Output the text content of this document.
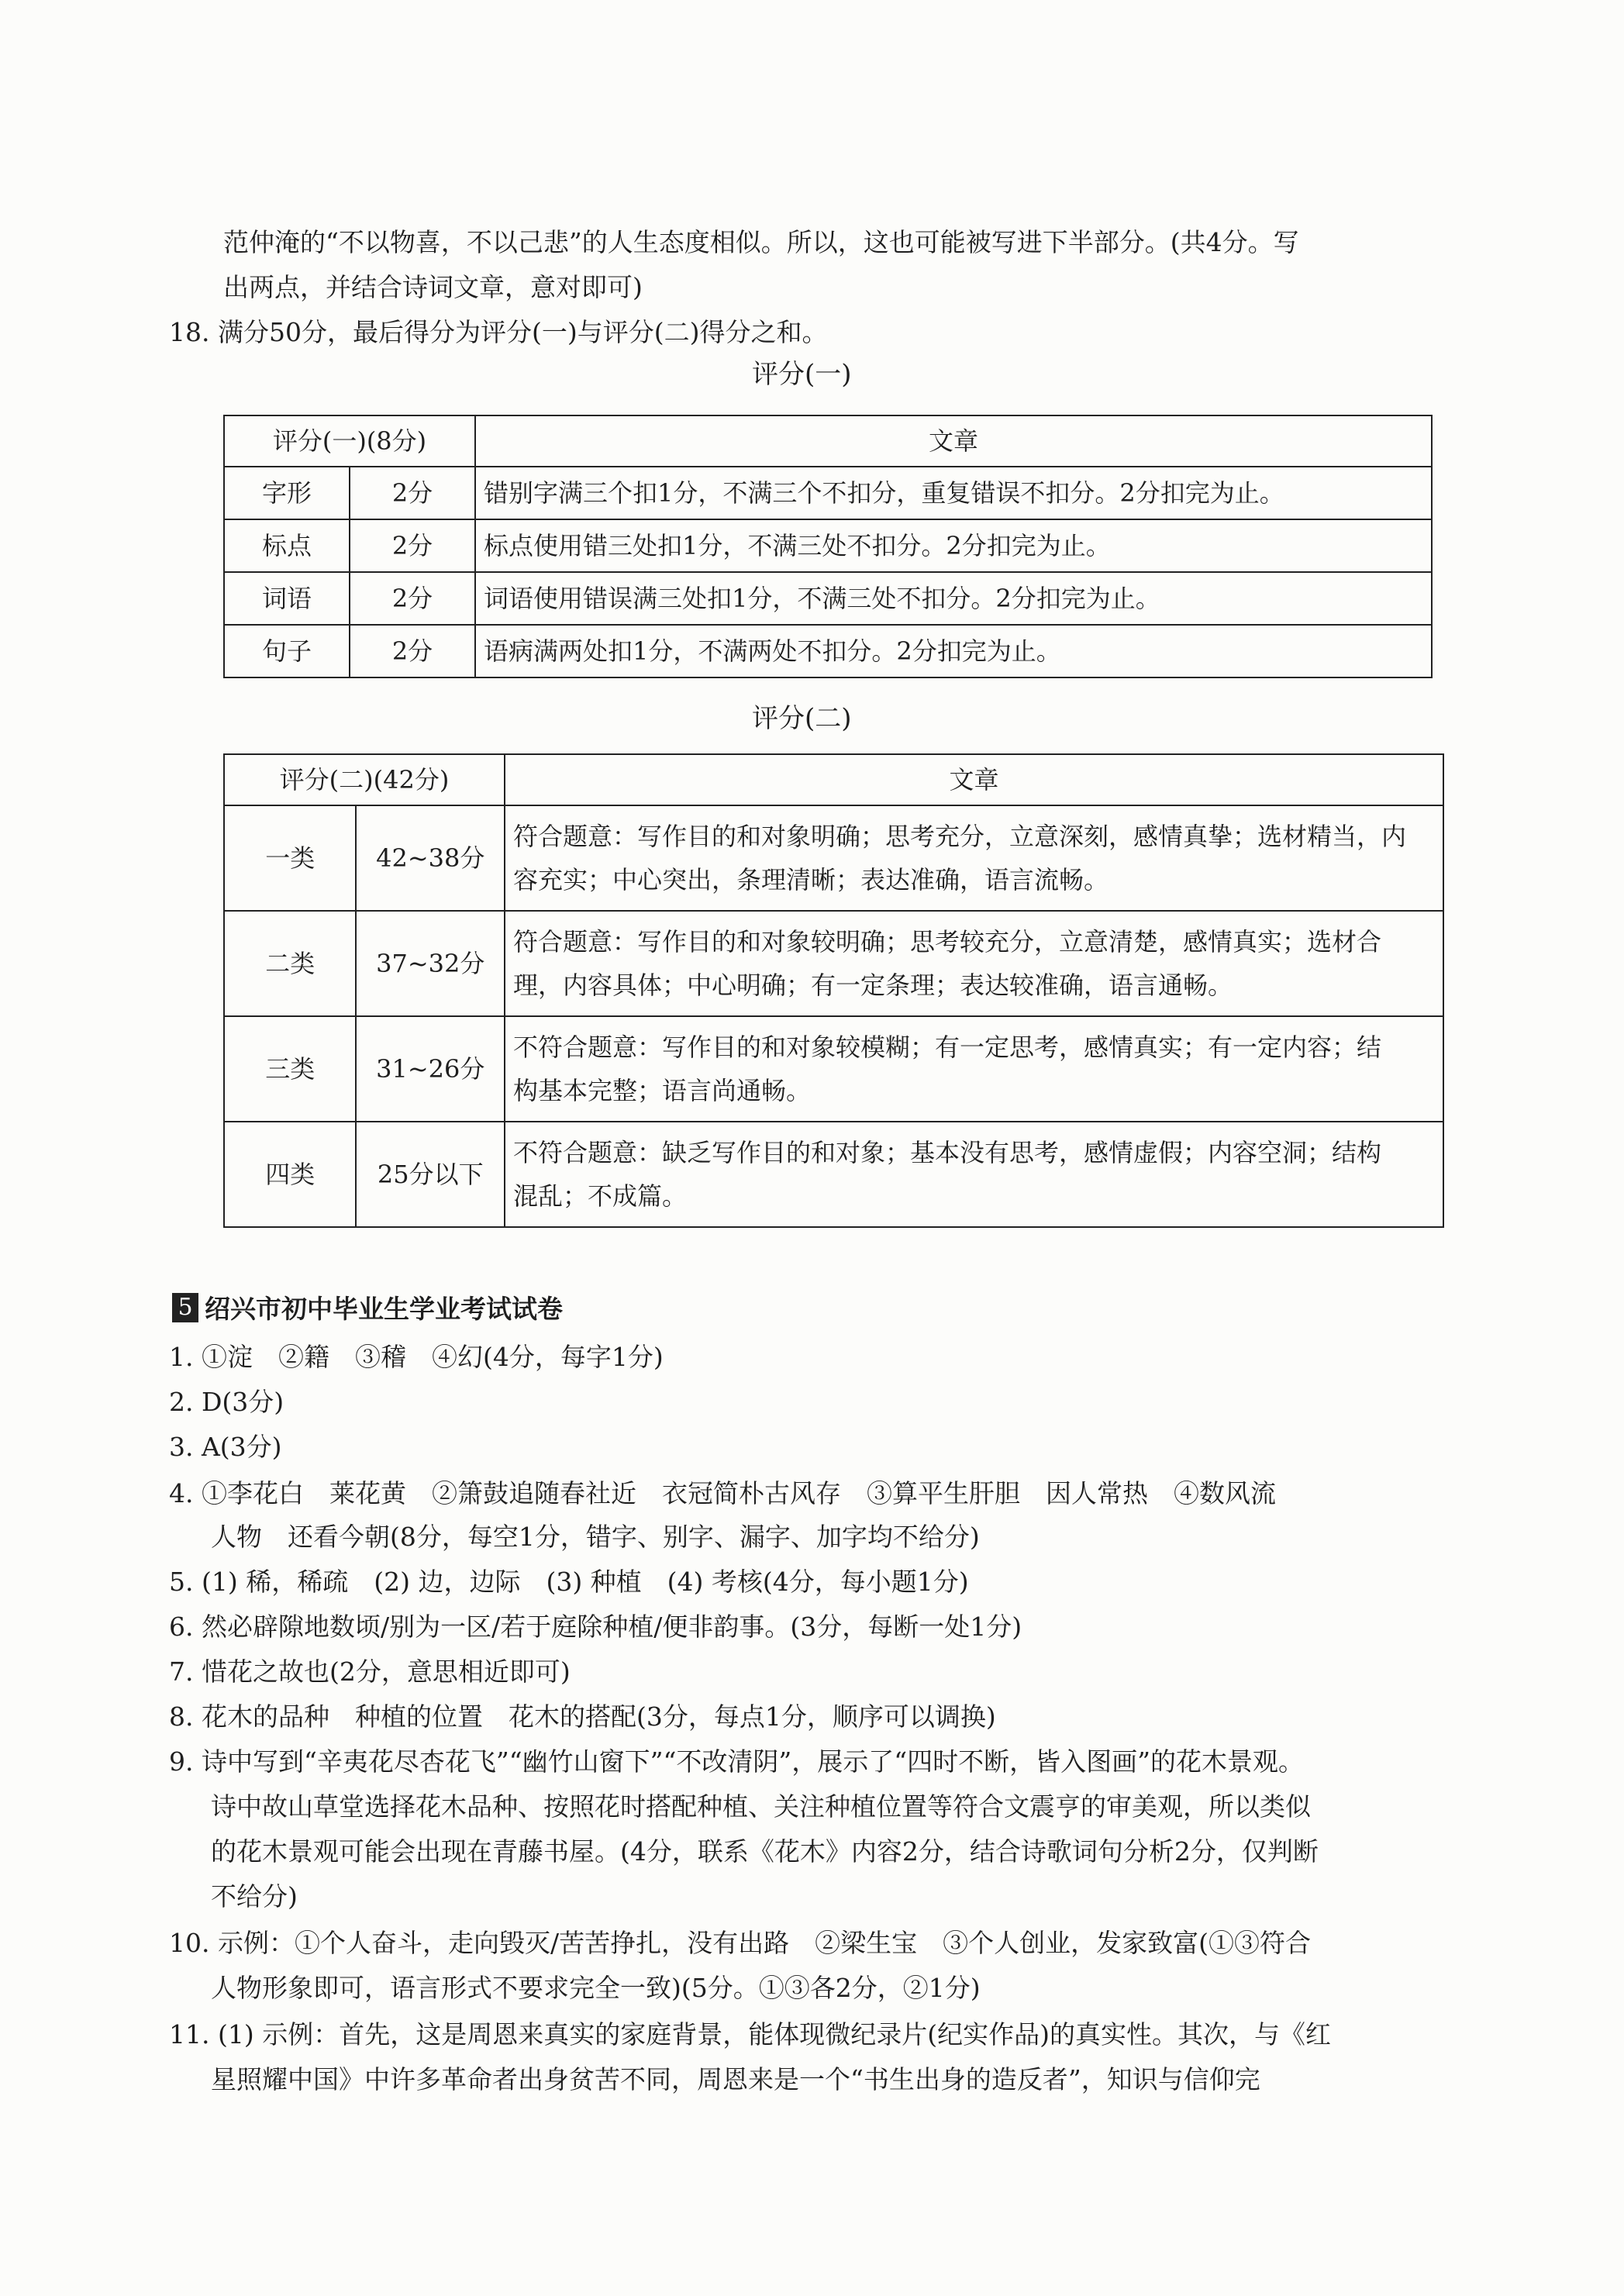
范仲淹的“不以物喜，不以己悲”的人生态度相似。所以，这也可能被写进下半部分。(共4分。写
出两点，并结合诗词文章，意对即可)
18. 满分50分，最后得分为评分(一)与评分(二)得分之和。
评分(一)
评分(一)(8分)		文章
字形	2分	错别字满三个扣1分，不满三个不扣分，重复错误不扣分。2分扣完为止。
标点	2分	标点使用错三处扣1分，不满三处不扣分。2分扣完为止。
词语	2分	词语使用错误满三处扣1分，不满三处不扣分。2分扣完为止。
句子	2分	语病满两处扣1分，不满两处不扣分。2分扣完为止。
评分(二)
评分(二)(42分)		文章
一类	42~38分	符合题意：写作目的和对象明确；思考充分，立意深刻，感情真挚；选材精当，内
容充实；中心突出，条理清晰；表达准确，语言流畅。

二类	37~32分	符合题意：写作目的和对象较明确；思考较充分，立意清楚，感情真实；选材合
理，内容具体；中心明确；有一定条理；表达较准确，语言通畅。

三类	31~26分	不符合题意：写作目的和对象较模糊；有一定思考，感情真实；有一定内容；结
构基本完整；语言尚通畅。

四类	25分以下	不符合题意：缺乏写作目的和对象；基本没有思考，感情虚假；内容空洞；结构
混乱；不成篇。
5 绍兴市初中毕业生学业考试试卷
1. ①淀　②籍　③稽　④幻(4分，每字1分)
2. D(3分)
3. A(3分)
4. ①李花白　莱花黄　②箫鼓追随春社近　衣冠简朴古风存　③算平生肝胆　因人常热　④数风流
人物　还看今朝(8分，每空1分，错字、别字、漏字、加字均不给分)
5. (1) 稀，稀疏　(2) 边，边际　(3) 种植　(4) 考核(4分，每小题1分)
6. 然必辟隙地数顷/别为一区/若于庭除种植/便非韵事。(3分，每断一处1分)
7. 惜花之故也(2分，意思相近即可)
8. 花木的品种　种植的位置　花木的搭配(3分，每点1分，顺序可以调换)
9. 诗中写到“辛夷花尽杏花飞”“幽竹山窗下”“不改清阴”，展示了“四时不断，皆入图画”的花木景观。
诗中故山草堂选择花木品种、按照花时搭配种植、关注种植位置等符合文震亨的审美观，所以类似
的花木景观可能会出现在青藤书屋。(4分，联系《花木》内容2分，结合诗歌词句分析2分，仅判断
不给分)
10. 示例：①个人奋斗，走向毁灭/苦苦挣扎，没有出路　②梁生宝　③个人创业，发家致富(①③符合
人物形象即可，语言形式不要求完全一致)(5分。①③各2分，②1分)
11. (1) 示例：首先，这是周恩来真实的家庭背景，能体现微纪录片(纪实作品)的真实性。其次，与《红
星照耀中国》中许多革命者出身贫苦不同，周恩来是一个“书生出身的造反者”，知识与信仰完
